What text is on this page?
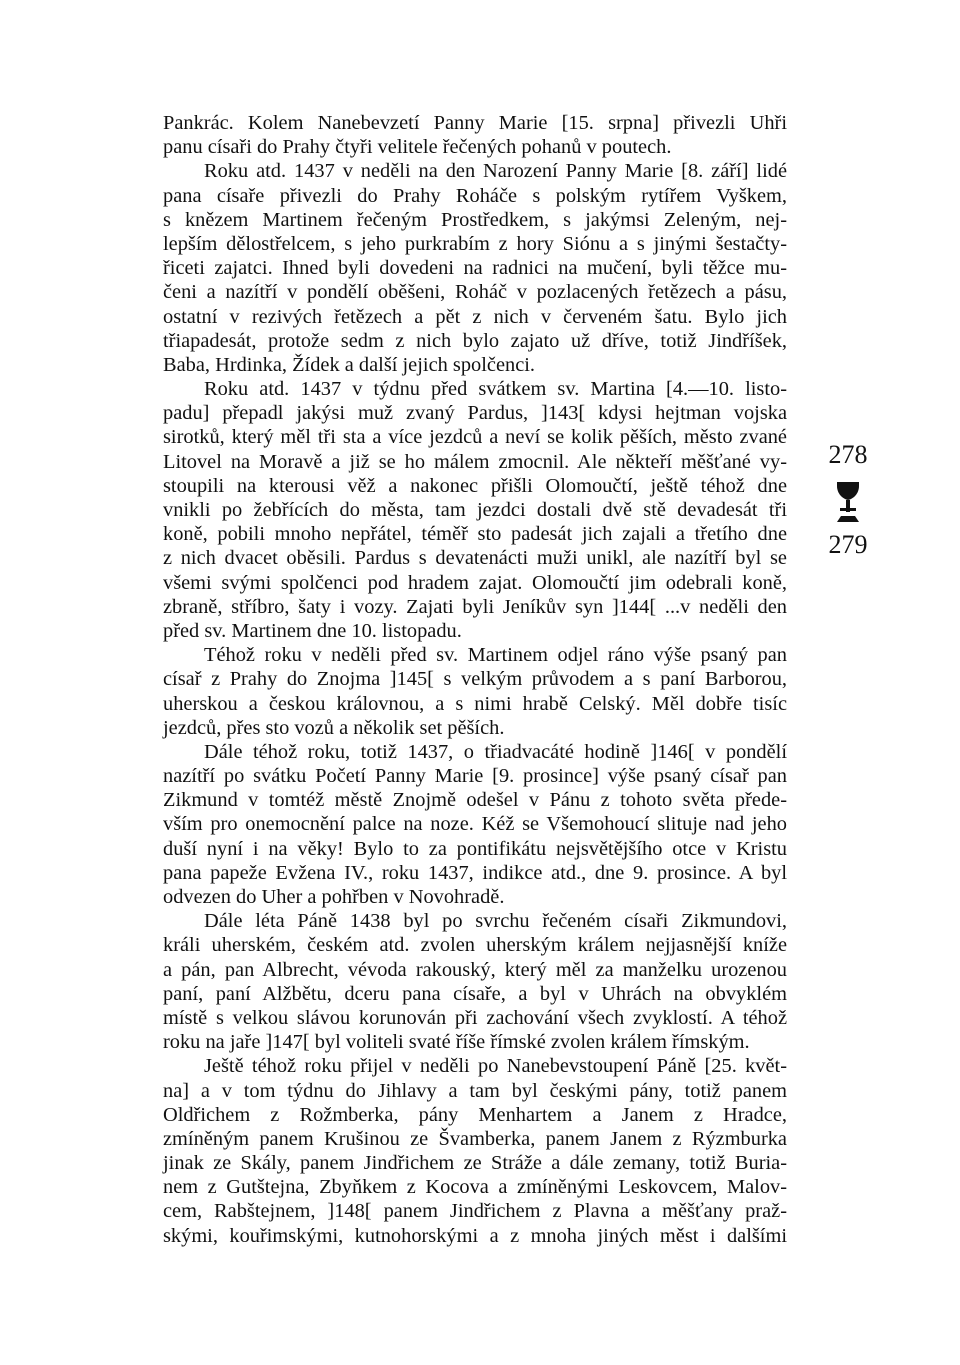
Pankrác. Kolem Nanebevzetí Panny Marie [15. srpna] přivezli Uhři
panu císaři do Prahy čtyři velitele řečených pohanů v poutech.
Roku atd. 1437 v neděli na den Narození Panny Marie [8. září] lidé
pana císaře přivezli do Prahy Roháče s polským rytířem Vyškem,
s knězem Martinem řečeným Prostředkem, s jakýmsi Zeleným, nej-
lepším dělostřelcem, s jeho purkrabím z hory Siónu a s jinými šestačty-
řiceti zajatci. Ihned byli dovedeni na radnici na mučení, byli těžce mu-
čeni a nazítří v pondělí oběšeni, Roháč v pozlacených řetězech a pásu,
ostatní v rezivých řetězech a pět z nich v červeném šatu. Bylo jich
třiapadesát, protože sedm z nich bylo zajato už dříve, totiž Jindříšek,
Baba, Hrdinka, Žídek a další jejich spolčenci.
Roku atd. 1437 v týdnu před svátkem sv. Martina [4.—10. listo-
padu] přepadl jakýsi muž zvaný Pardus, ]143[ kdysi hejtman vojska
sirotků, který měl tři sta a více jezdců a neví se kolik pěších, město zvané
Litovel na Moravě a již se ho málem zmocnil. Ale někteří měšťané vy-
stoupili na kterousi věž a nakonec přišli Olomoučtí, ještě téhož dne
vnikli po žebřících do města, tam jezdci dostali dvě stě devadesát tři
koně, pobili mnoho nepřátel, téměř sto padesát jich zajali a třetího dne
z nich dvacet oběsili. Pardus s devatenácti muži unikl, ale nazítří byl se
všemi svými spolčenci pod hradem zajat. Olomoučtí jim odebrali koně,
zbraně, stříbro, šaty i vozy. Zajati byli Jeníkův syn ]144[ ...v neděli den
před sv. Martinem dne 10. listopadu.
Téhož roku v neděli před sv. Martinem odjel ráno výše psaný pan
císař z Prahy do Znojma ]145[ s velkým průvodem a s paní Barborou,
uherskou a českou královnou, a s nimi hrabě Celský. Měl dobře tisíc
jezdců, přes sto vozů a několik set pěších.
Dále téhož roku, totiž 1437, o třiadvacáté hodině ]146[ v pondělí
nazítří po svátku Početí Panny Marie [9. prosince] výše psaný císař pan
Zikmund v tomtéž městě Znojmě odešel v Pánu z tohoto světa přede-
vším pro onemocnění palce na noze. Kéž se Všemohoucí slituje nad jeho
duší nyní i na věky! Bylo to za pontifikátu nejsvětějšího otce v Kristu
pana papeže Evžena IV., roku 1437, indikce atd., dne 9. prosince. A byl
odvezen do Uher a pohřben v Novohradě.
Dále léta Páně 1438 byl po svrchu řečeném císaři Zikmundovi,
králi uherském, českém atd. zvolen uherským králem nejjasnější kníže
a pán, pan Albrecht, vévoda rakouský, který měl za manželku urozenou
paní, paní Alžbětu, dceru pana císaře, a byl v Uhrách na obvyklém
místě s velkou slávou korunován při zachování všech zvyklostí. A téhož
roku na jaře ]147[ byl voliteli svaté říše římské zvolen králem římským.
Ještě téhož roku přijel v neděli po Nanebevstoupení Páně [25. květ-
na] a v tom týdnu do Jihlavy a tam byl českými pány, totiž panem
Oldřichem z Rožmberka, pány Menhartem a Janem z Hradce,
zmíněným panem Krušinou ze Švamberka, panem Janem z Rýzmburka
jinak ze Skály, panem Jindřichem ze Stráže a dále zemany, totiž Buria-
nem z Gutštejna, Zbyňkem z Kocova a zmíněnými Leskovcem, Malov-
cem, Rabštejnem, ]148[ panem Jindřichem z Plavna a měšťany praž-
skými, kouřimskými, kutnohorskými a z mnoha jiných měst i dalšími
278
279
